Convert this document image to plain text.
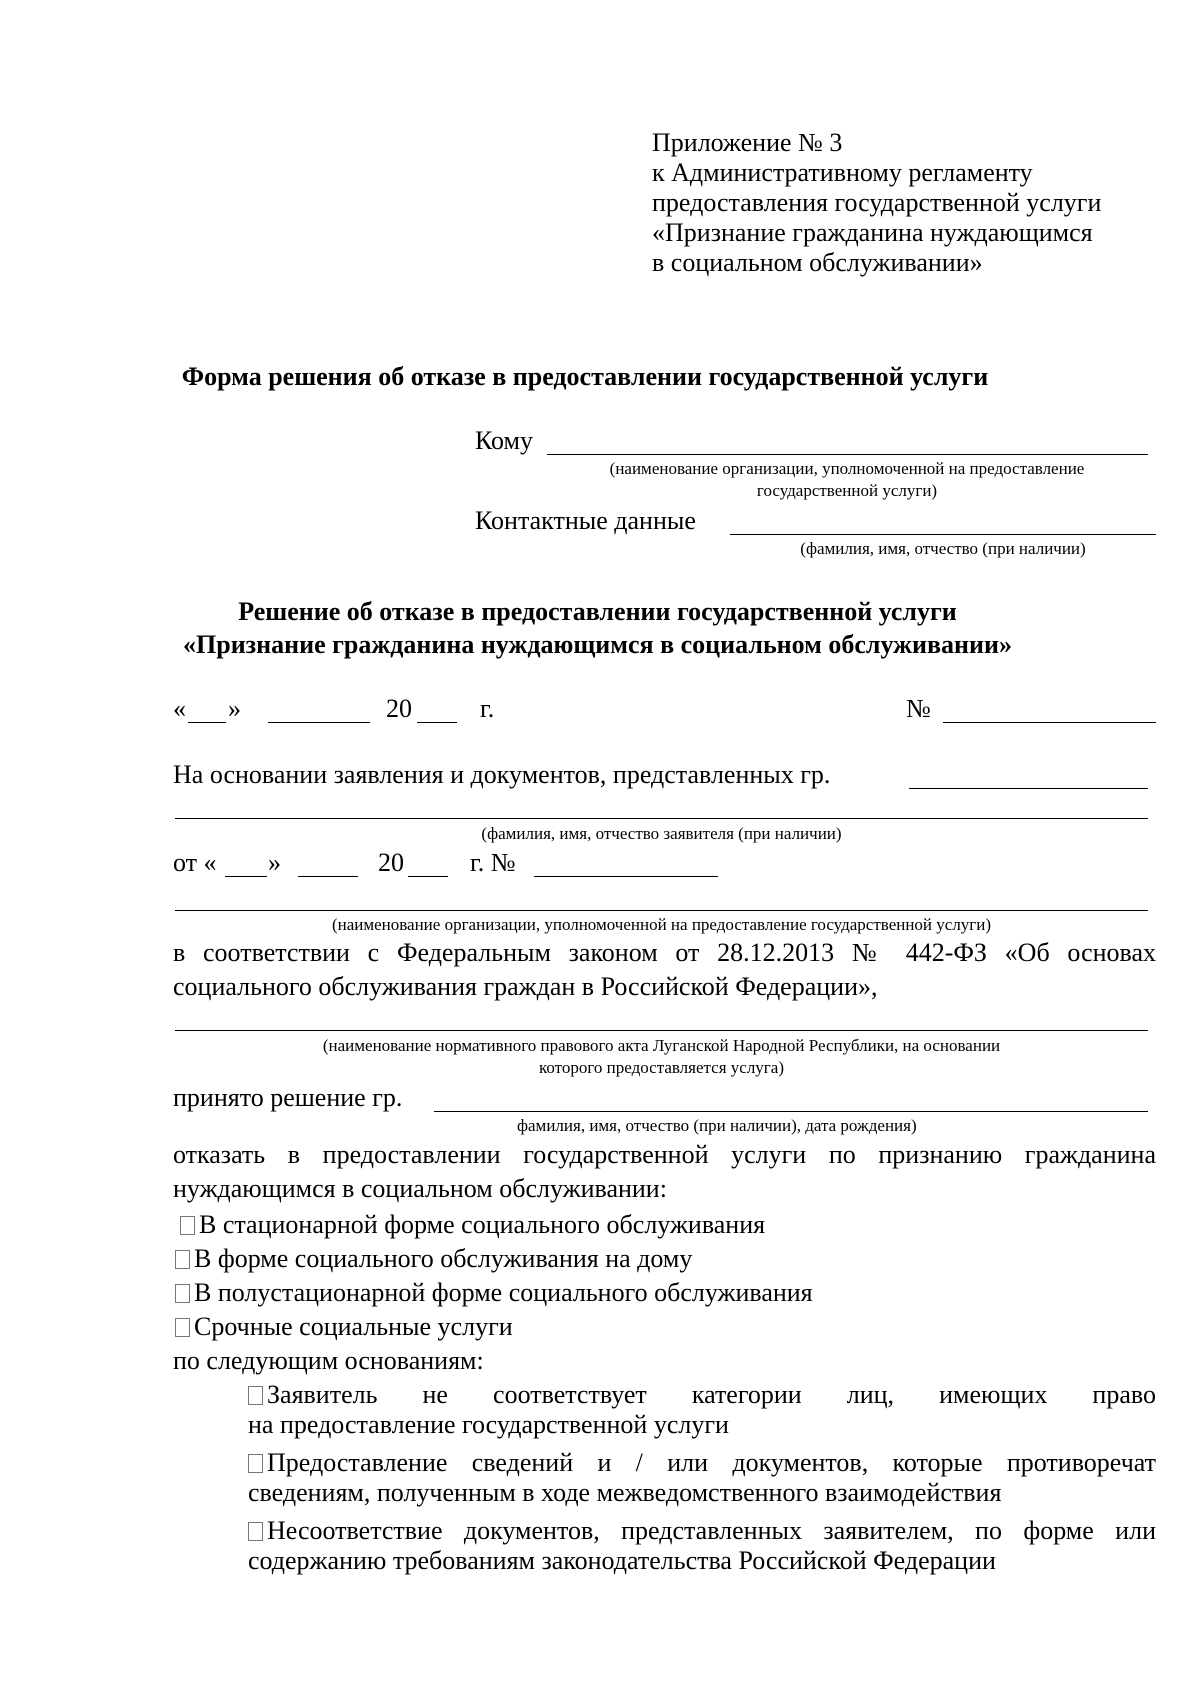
Приложение № 3
к Административному регламенту
предоставления государственной услуги
«Признание гражданина нуждающимся
в социальном обслуживании»
Форма решения об отказе в предоставлении государственной услуги
Кому
(наименование организации, уполномоченной на предоставление
государственной услуги)
Контактные данные
(фамилия, имя, отчество (при наличии)
Решение об отказе в предоставлении государственной услуги
«Признание гражданина нуждающимся в социальном обслуживании»
« »	20	г.	№
На основании заявления и документов, представленных гр.
(фамилия, имя, отчество заявителя (при наличии)
от « »	20	г. №
(наименование организации, уполномоченной на предоставление государственной услуги)
в соответствии с Федеральным законом от 28.12.2013 № 442-ФЗ «Об основах
социального обслуживания граждан в Российской Федерации»,
(наименование нормативного правового акта Луганской Народной Республики, на основании
которого предоставляется услуга)
принято решение гр.
фамилия, имя, отчество (при наличии), дата рождения)
отказать в предоставлении государственной услуги по признанию гражданина
нуждающимся в социальном обслуживании:
В стационарной форме социального обслуживания
В форме социального обслуживания на дому
В полустационарной форме социального обслуживания
Срочные социальные услуги
по следующим основаниям:
Заявитель не соответствует категории лиц, имеющих право
на предоставление государственной услуги
Предоставление сведений и / или документов, которые противоречат
сведениям, полученным в ходе межведомственного взаимодействия
Несоответствие документов, представленных заявителем, по форме или
содержанию требованиям законодательства Российской Федерации
